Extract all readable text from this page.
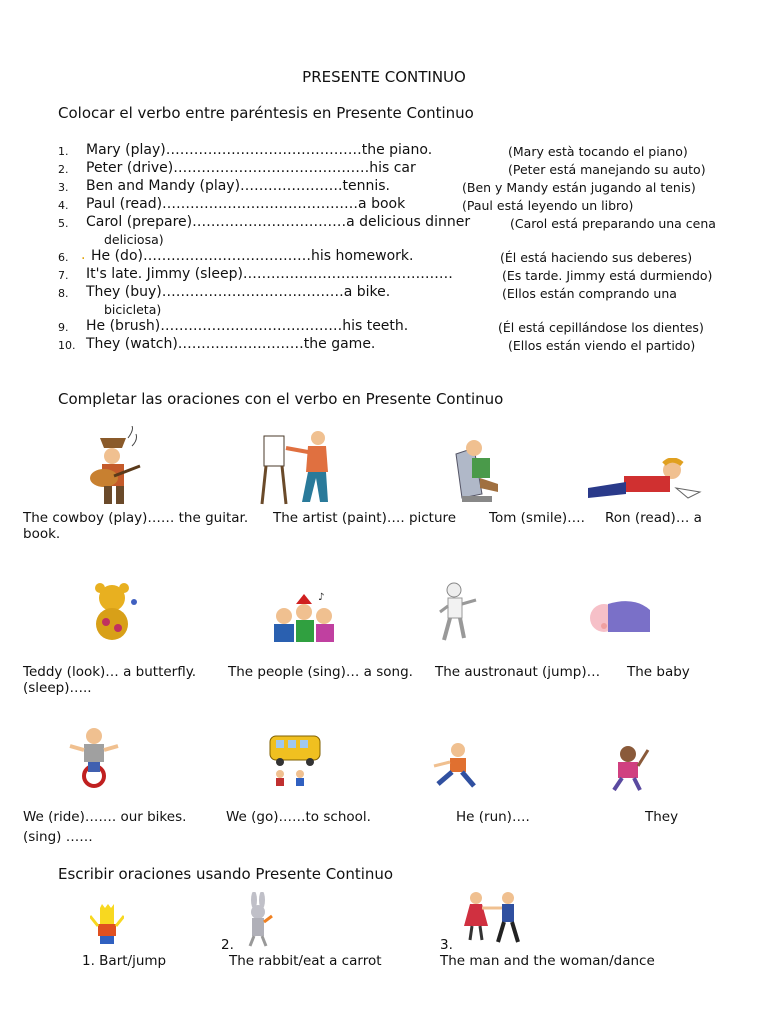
PRESENTE CONTINUO
Colocar el verbo entre paréntesis en Presente Continuo
1. Mary (play)……………………………………the piano.	(Mary està tocando el piano)
2. Peter (drive)……………………………………his car	(Peter está manejando su auto)
3. Ben and Mandy (play)………………….tennis.	(Ben y Mandy están jugando al tenis)
4. Paul (read)……………………………………a book	(Paul está leyendo un libro)
5. Carol (prepare)……………………………a delicious dinner	(Carol está preparando una cena
deliciosa)
6. . He (do)………………………………his homework.	(Él está haciendo sus deberes)
7. It's late. Jimmy (sleep)………………………………………	(Es tarde. Jimmy está durmiendo)
8. They (buy)…………………………………a bike.	(Ellos están comprando una
bicicleta)
9. He (brush)…………………………………his teeth.	(Él está cepillándose los dientes)
10. They (watch)………………………the game.	(Ellos están viendo el partido)
Completar las oraciones con el verbo en Presente Continuo
The cowboy (play)…… the guitar. The artist (paint)…. picture Tom (smile)…. Ron (read)… a
book.
♪
Teddy (look)… a butterfly. The people (sing)… a song. The austronaut (jump)… The baby
(sleep)…..
We (ride)……. our bikes.	We (go)……to school.	He (run)….	They
(sing) ……
Escribir oraciones usando Presente Continuo
2.	3.
1. Bart/jump	The rabbit/eat a carrot	The man and the woman/dance
